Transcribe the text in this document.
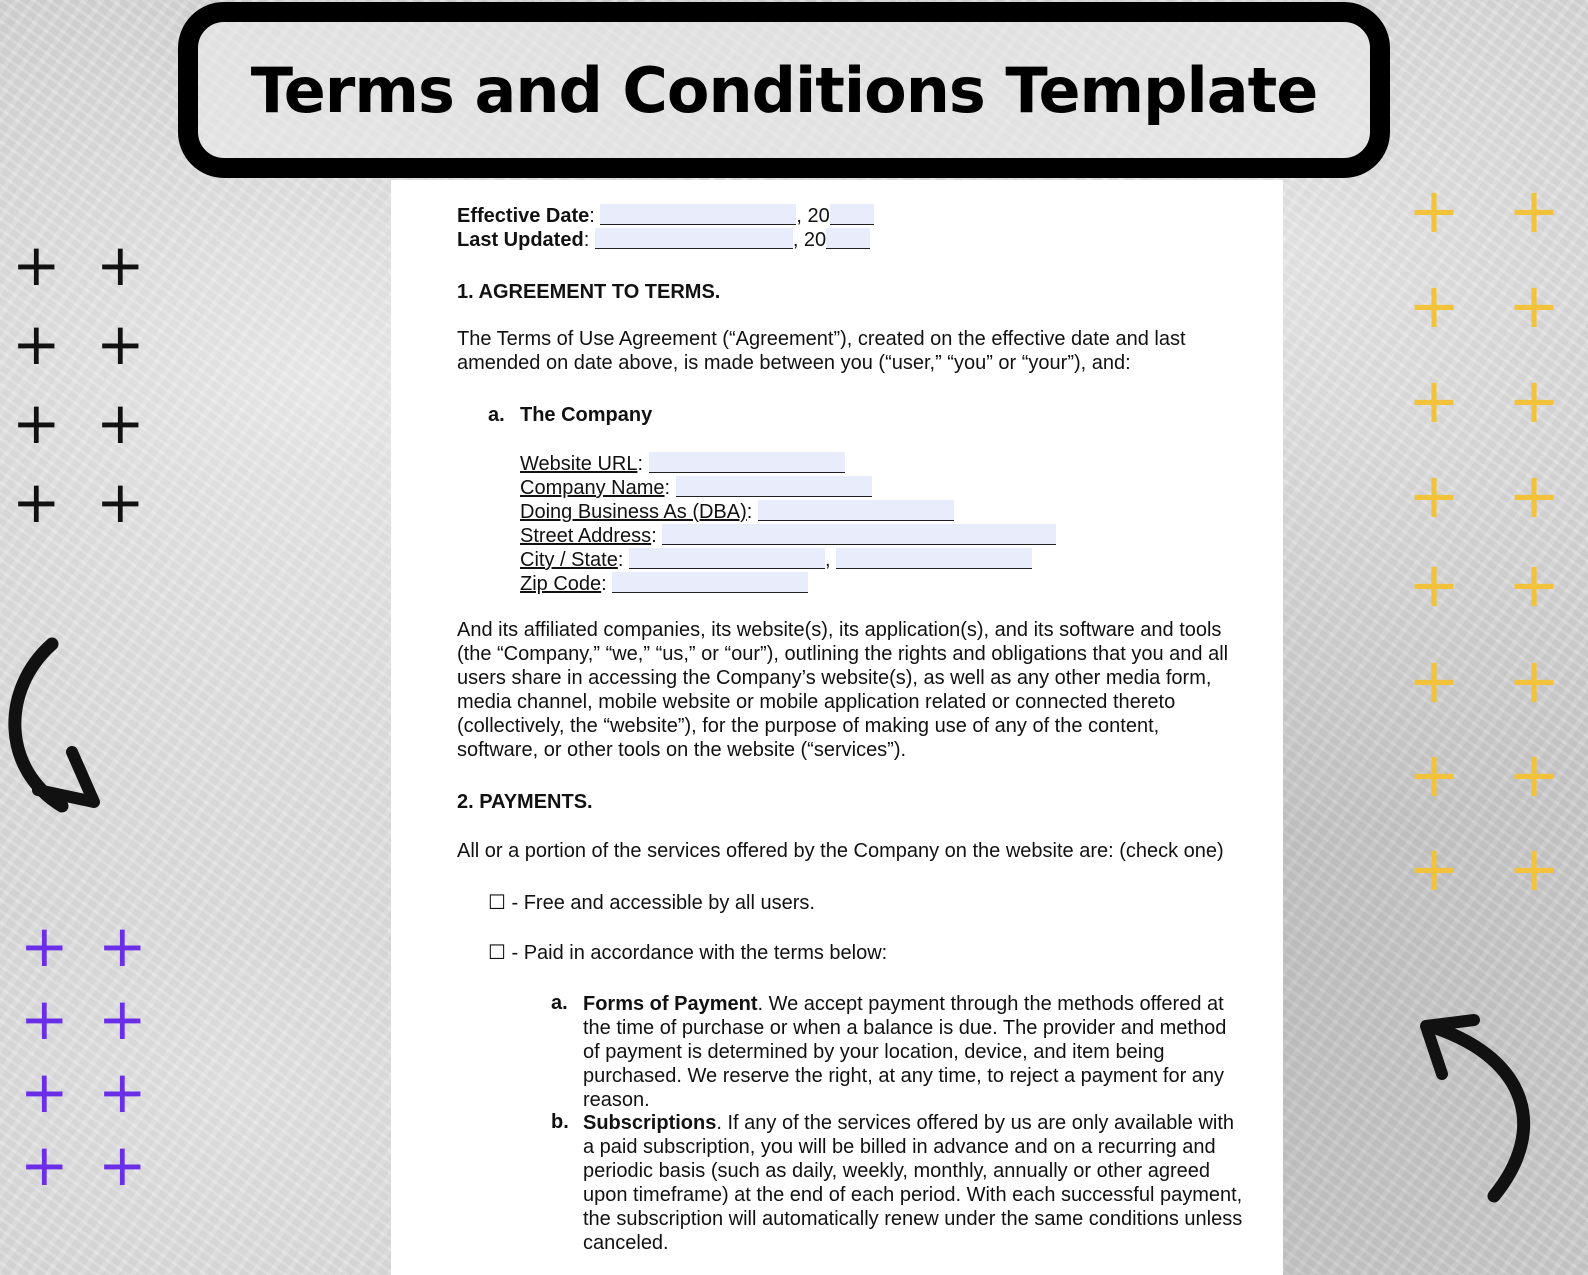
Terms and Conditions Template
+ +
+ +
+ +
+ +
+ +
+ +
+ +
+ +
+ +
+ +
+ +
+ +
+ +
+ +
+ +
+ +
Effective Date:	, 20
Last Updated:	, 20
1. AGREEMENT TO TERMS.
The Terms of Use Agreement (“Agreement”), created on the effective date and last
amended on date above, is made between you (“user,” “you” or “your”), and:
a. The Company
Website URL:
Company Name:
Doing Business As (DBA):
Street Address:
City / State:	,
Zip Code:
And its affiliated companies, its website(s), its application(s), and its software and tools
(the “Company,” “we,” “us,” or “our”), outlining the rights and obligations that you and all
users share in accessing the Company’s website(s), as well as any other media form,
media channel, mobile website or mobile application related or connected thereto
(collectively, the “website”), for the purpose of making use of any of the content,
software, or other tools on the website (“services”).
2. PAYMENTS.
All or a portion of the services offered by the Company on the website are: (check one)
☐ - Free and accessible by all users.
☐ - Paid in accordance with the terms below:
a. Forms of Payment. We accept payment through the methods offered at
the time of purchase or when a balance is due. The provider and method
of payment is determined by your location, device, and item being
purchased. We reserve the right, at any time, to reject a payment for any
reason.
b. Subscriptions. If any of the services offered by us are only available with
a paid subscription, you will be billed in advance and on a recurring and
periodic basis (such as daily, weekly, monthly, annually or other agreed
upon timeframe) at the end of each period. With each successful payment,
the subscription will automatically renew under the same conditions unless
canceled.
